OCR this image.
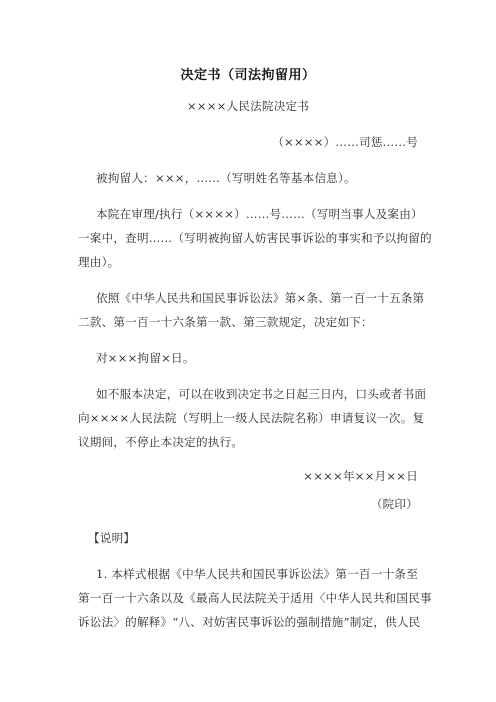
决定书（司法拘留用）
××××人民法院决定书
（××××）……司惩……号
被拘留人：×××，……（写明姓名等基本信息）。
本院在审理/执行（××××）……号……（写明当事人及案由）
一案中，查明……（写明被拘留人妨害民事诉讼的事实和予以拘留的
理由）。
依照《中华人民共和国民事诉讼法》第×条、第一百一十五条第
二款、第一百一十六条第一款、第三款规定，决定如下：
对×××拘留×日。
如不服本决定，可以在收到决定书之日起三日内，口头或者书面
向××××人民法院（写明上一级人民法院名称）申请复议一次。复
议期间，不停止本决定的执行。
××××年××月××日
（院印）
【说明】
1. 本样式根据《中华人民共和国民事诉讼法》第一百一十条至
第一百一十六条以及《最高人民法院关于适用〈中华人民共和国民事
诉讼法〉的解释》“八、对妨害民事诉讼的强制措施”制定，供人民
